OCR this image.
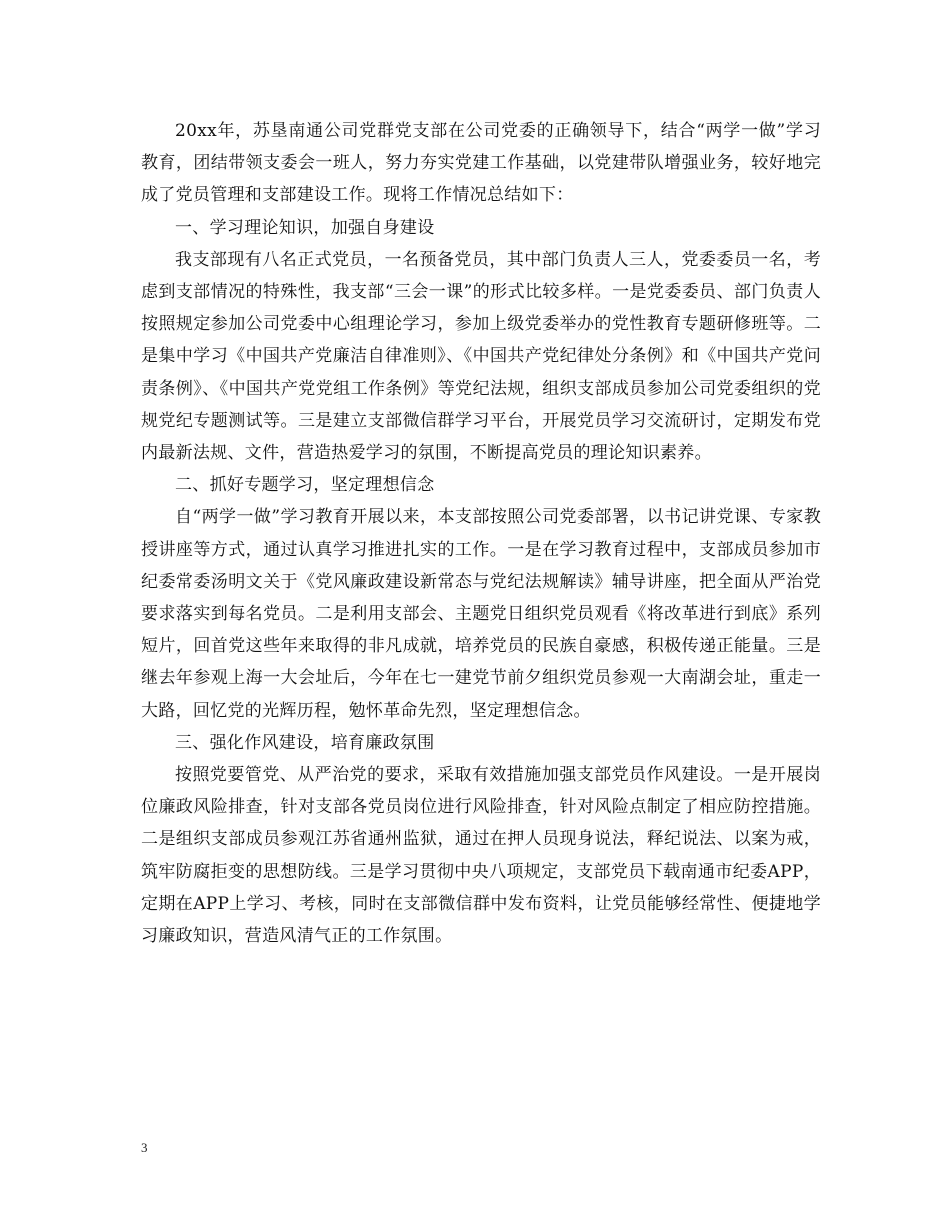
20xx年，苏垦南通公司党群党支部在公司党委的正确领导下，结合“两学一做”学习教育，团结带领支委会一班人，努力夯实党建工作基础，以党建带队增强业务，较好地完成了党员管理和支部建设工作。现将工作情况总结如下：

一、学习理论知识，加强自身建设

我支部现有八名正式党员，一名预备党员，其中部门负责人三人，党委委员一名，考虑到支部情况的特殊性，我支部“三会一课”的形式比较多样。一是党委委员、部门负责人按照规定参加公司党委中心组理论学习，参加上级党委举办的党性教育专题研修班等。二是集中学习《中国共产党廉洁自律准则》、《中国共产党纪律处分条例》和《中国共产党问责条例》、《中国共产党党组工作条例》等党纪法规，组织支部成员参加公司党委组织的党规党纪专题测试等。三是建立支部微信群学习平台，开展党员学习交流研讨，定期发布党内最新法规、文件，营造热爱学习的氛围，不断提高党员的理论知识素养。

二、抓好专题学习，坚定理想信念

自“两学一做”学习教育开展以来，本支部按照公司党委部署，以书记讲党课、专家教授讲座等方式，通过认真学习推进扎实的工作。一是在学习教育过程中，支部成员参加市纪委常委汤明文关于《党风廉政建设新常态与党纪法规解读》辅导讲座，把全面从严治党要求落实到每名党员。二是利用支部会、主题党日组织党员观看《将改革进行到底》系列短片，回首党这些年来取得的非凡成就，培养党员的民族自豪感，积极传递正能量。三是继去年参观上海一大会址后，今年在七一建党节前夕组织党员参观一大南湖会址，重走一大路，回忆党的光辉历程，勉怀革命先烈，坚定理想信念。

三、强化作风建设，培育廉政氛围

按照党要管党、从严治党的要求，采取有效措施加强支部党员作风建设。一是开展岗位廉政风险排查，针对支部各党员岗位进行风险排查，针对风险点制定了相应防控措施。二是组织支部成员参观江苏省通州监狱，通过在押人员现身说法，释纪说法、以案为戒，筑牢防腐拒变的思想防线。三是学习贯彻中央八项规定，支部党员下载南通市纪委APP，定期在APP上学习、考核，同时在支部微信群中发布资料，让党员能够经常性、便捷地学习廉政知识，营造风清气正的工作氛围。

3
